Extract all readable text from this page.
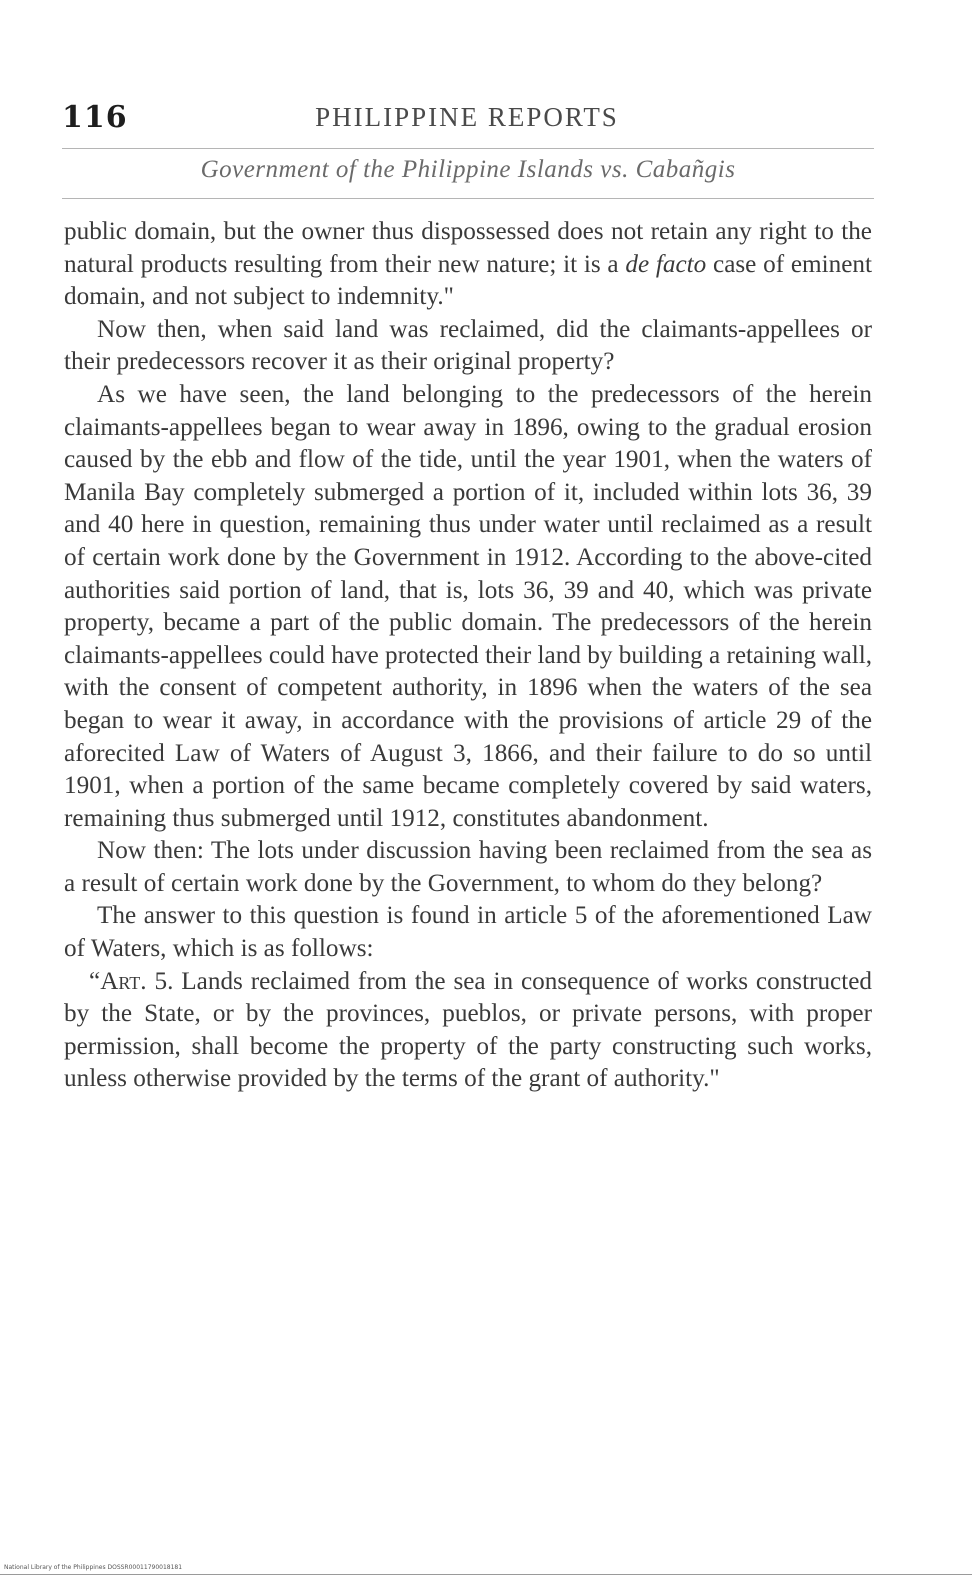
116	PHILIPPINE REPORTS
Government of the Philippine Islands vs. Cabañgis

public domain, but the owner thus dispossessed does not retain any right to the natural products resulting from their new nature; it is a de facto case of eminent domain, and not subject to indemnity."

Now then, when said land was reclaimed, did the claimants-appellees or their predecessors recover it as their original property?

As we have seen, the land belonging to the predecessors of the herein claimants-appellees began to wear away in 1896, owing to the gradual erosion caused by the ebb and flow of the tide, until the year 1901, when the waters of Manila Bay completely submerged a portion of it, included within lots 36, 39 and 40 here in question, remaining thus under water until reclaimed as a result of certain work done by the Government in 1912. According to the above-cited authorities said portion of land, that is, lots 36, 39 and 40, which was private property, became a part of the public domain. The predecessors of the herein claimants-appellees could have protected their land by building a retaining wall, with the consent of competent authority, in 1896 when the waters of the sea began to wear it away, in accordance with the provisions of article 29 of the aforecited Law of Waters of August 3, 1866, and their failure to do so until 1901, when a portion of the same became completely covered by said waters, remaining thus submerged until 1912, constitutes abandonment.

Now then: The lots under discussion having been reclaimed from the sea as a result of certain work done by the Government, to whom do they belong?

The answer to this question is found in article 5 of the aforementioned Law of Waters, which is as follows:

“Art. 5. Lands reclaimed from the sea in consequence of works constructed by the State, or by the provinces, pueblos, or private persons, with proper permission, shall become the property of the party constructing such works, unless otherwise provided by the terms of the grant of authority."

National Library of the Philippines DOSSR00011790018181
